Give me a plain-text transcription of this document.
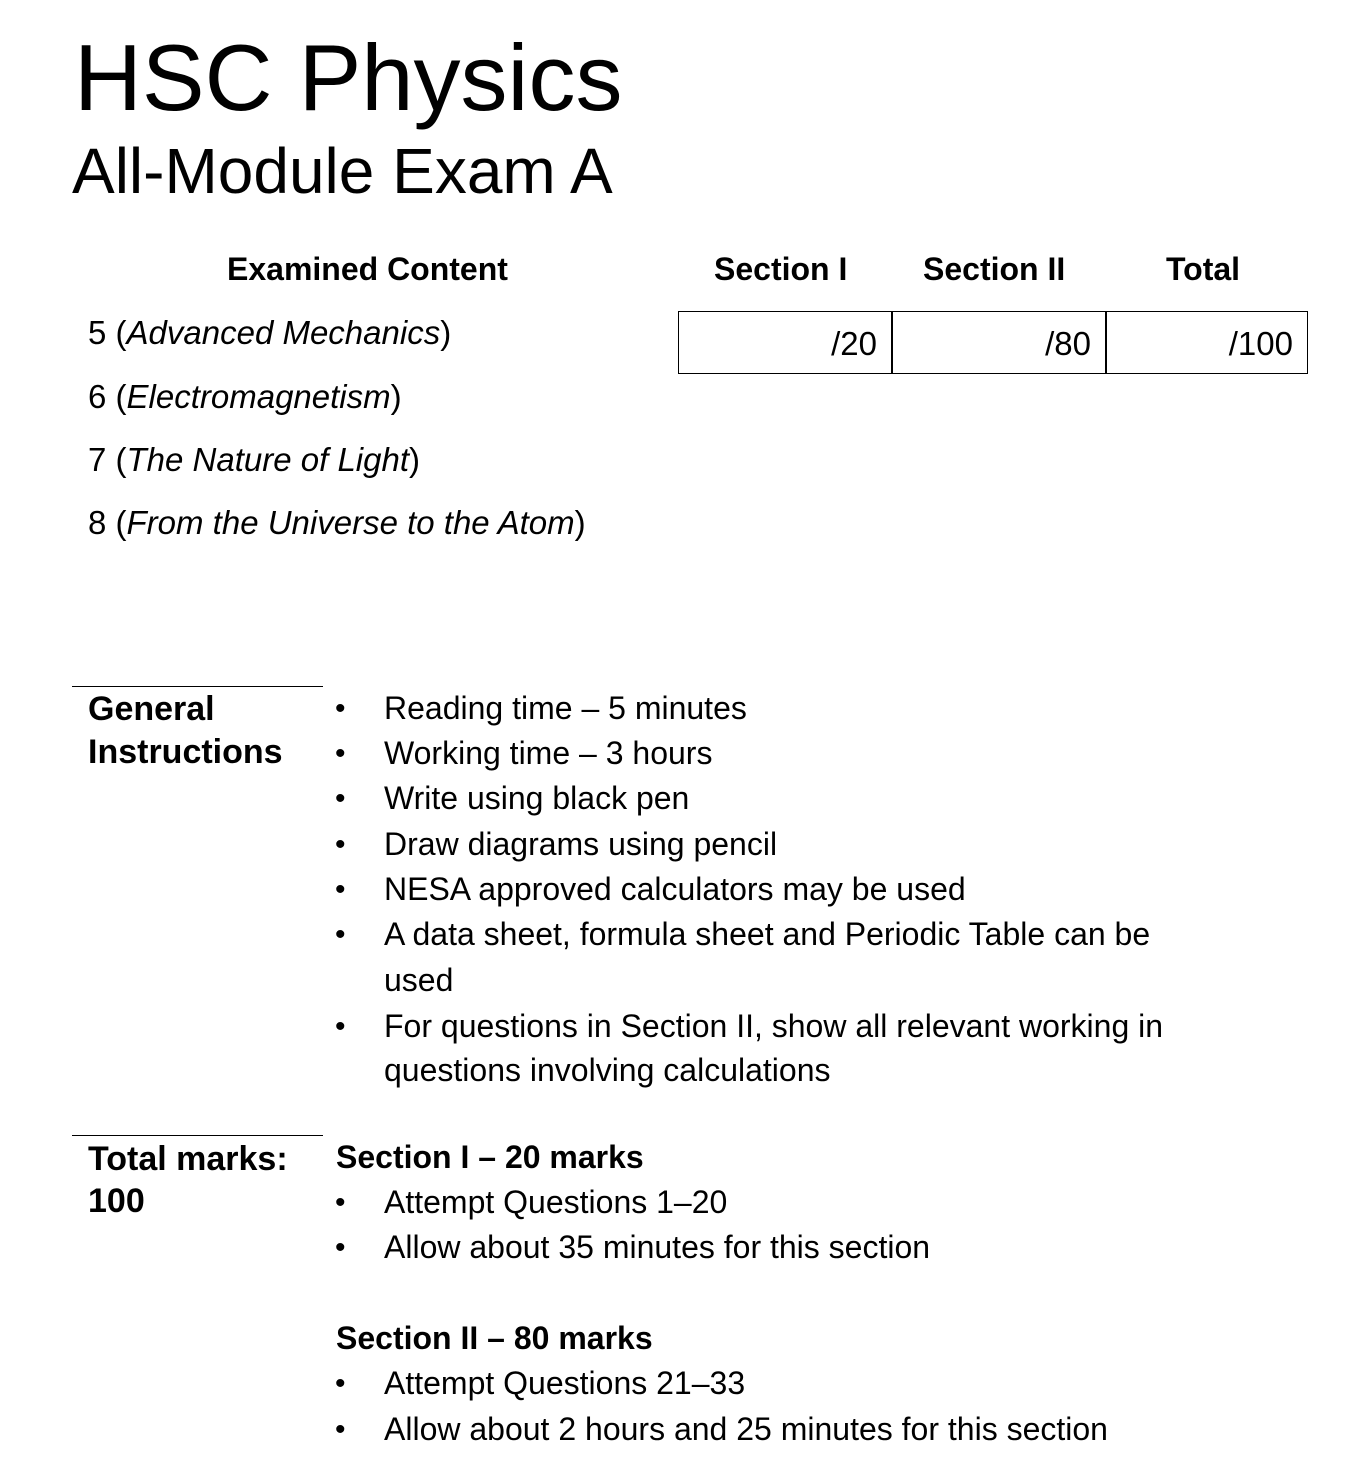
HSC Physics
All-Module Exam A
Examined Content	Section I Section II	Total
5 (Advanced Mechanics)
6 (Electromagnetism)
7 (The Nature of Light)
8 (From the Universe to the Atom)
/20	/80	/100
General
Instructions
• Reading time – 5 minutes
• Working time – 3 hours
• Write using black pen
• Draw diagrams using pencil
• NESA approved calculators may be used
• A data sheet, formula sheet and Periodic Table can be
used
• For questions in Section II, show all relevant working in
questions involving calculations
Total marks:
100
Section I – 20 marks
• Attempt Questions 1–20
• Allow about 35 minutes for this section
Section II – 80 marks
• Attempt Questions 21–33
• Allow about 2 hours and 25 minutes for this section
